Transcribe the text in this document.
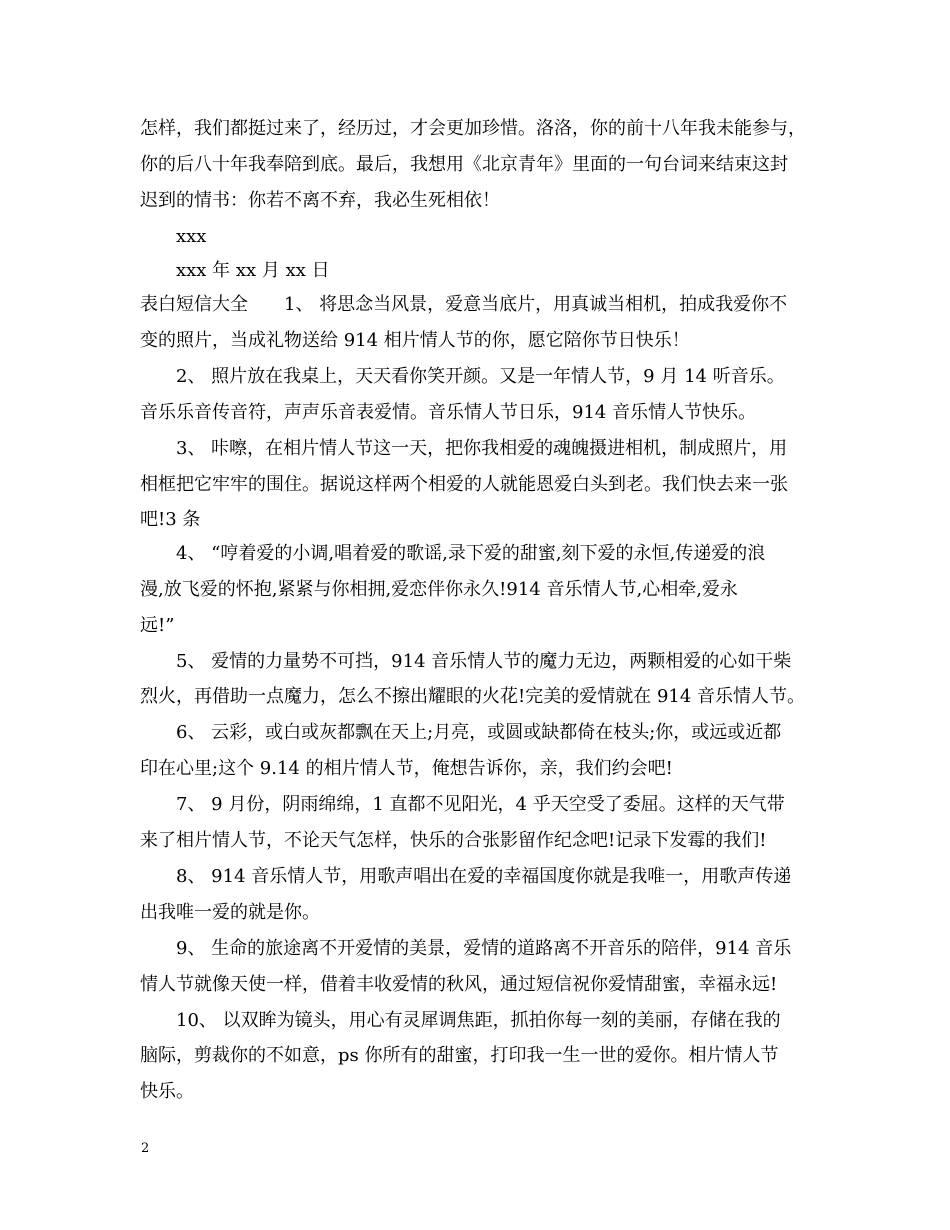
怎样，我们都挺过来了，经历过，才会更加珍惜。洛洛，你的前十八年我未能参与，
你的后八十年我奉陪到底。最后，我想用《北京青年》里面的一句台词来结束这封
迟到的情书：你若不离不弃，我必生死相依！
xxx
xxx 年 xx 月 xx 日
表白短信大全　　1、 将思念当风景，爱意当底片，用真诚当相机，拍成我爱你不
变的照片，当成礼物送给 914 相片情人节的你，愿它陪你节日快乐！
2、 照片放在我桌上，天天看你笑开颜。又是一年情人节，9 月 14 听音乐。
音乐乐音传音符，声声乐音表爱情。音乐情人节日乐，914 音乐情人节快乐。
3、 咔嚓，在相片情人节这一天，把你我相爱的魂魄摄进相机，制成照片，用
相框把它牢牢的围住。据说这样两个相爱的人就能恩爱白头到老。我们快去来一张
吧!3 条
4、 “哼着爱的小调,唱着爱的歌谣,录下爱的甜蜜,刻下爱的永恒,传递爱的浪
漫,放飞爱的怀抱,紧紧与你相拥,爱恋伴你永久!914 音乐情人节,心相牵,爱永
远!”
5、 爱情的力量势不可挡，914 音乐情人节的魔力无边，两颗相爱的心如干柴
烈火，再借助一点魔力，怎么不擦出耀眼的火花!完美的爱情就在 914 音乐情人节。
6、 云彩，或白或灰都飘在天上;月亮，或圆或缺都倚在枝头;你，或远或近都
印在心里;这个 9.14 的相片情人节，俺想告诉你，亲，我们约会吧!
7、 9 月份，阴雨绵绵，1 直都不见阳光，4 乎天空受了委屈。这样的天气带
来了相片情人节，不论天气怎样，快乐的合张影留作纪念吧!记录下发霉的我们!
8、 914 音乐情人节，用歌声唱出在爱的幸福国度你就是我唯一，用歌声传递
出我唯一爱的就是你。
9、 生命的旅途离不开爱情的美景，爱情的道路离不开音乐的陪伴，914 音乐
情人节就像天使一样，借着丰收爱情的秋风，通过短信祝你爱情甜蜜，幸福永远!
10、 以双眸为镜头，用心有灵犀调焦距，抓拍你每一刻的美丽，存储在我的
脑际，剪裁你的不如意，ps 你所有的甜蜜，打印我一生一世的爱你。相片情人节
快乐。
2
